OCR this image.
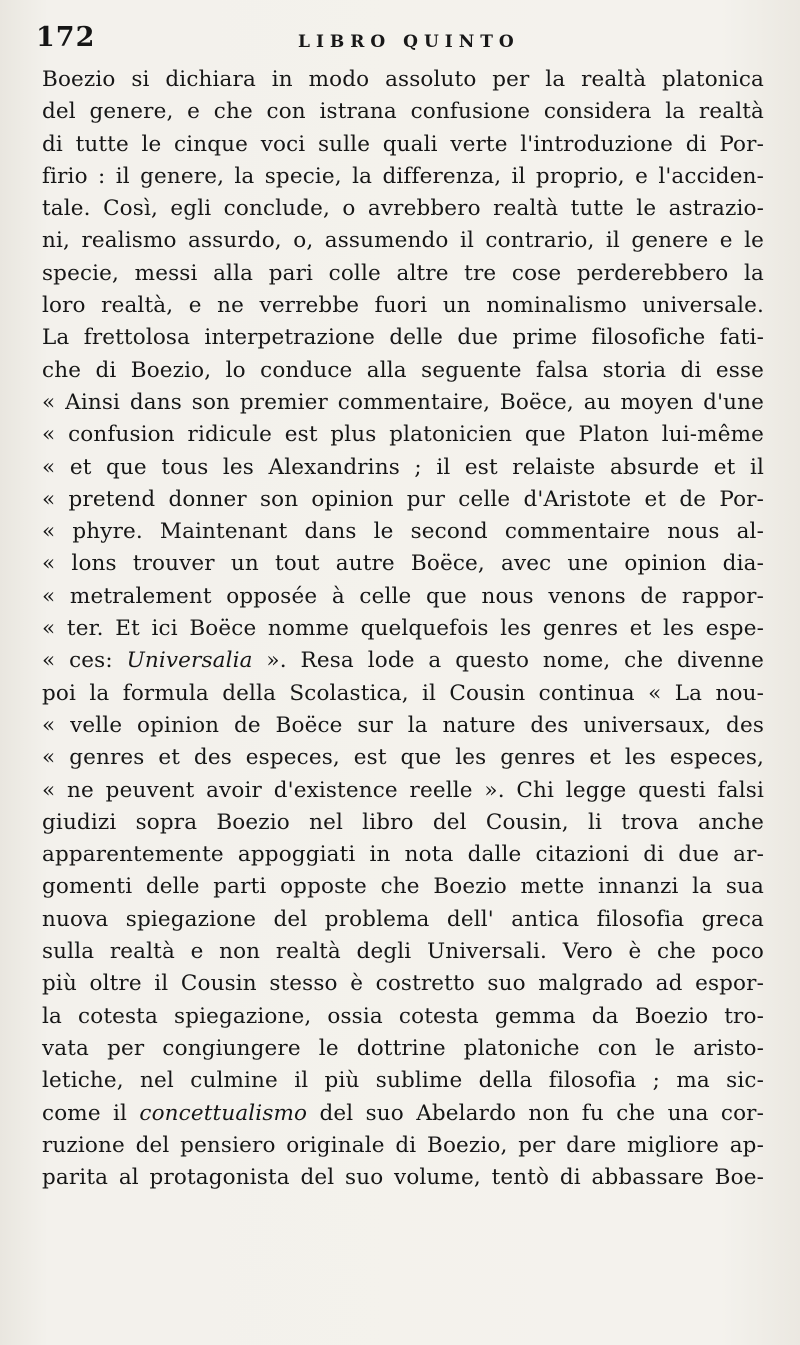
172	LIBRO QUINTO
Boezio si dichiara in modo assoluto per la realtà platonica
del genere, e che con istrana confusione considera la realtà
di tutte le cinque voci sulle quali verte l'introduzione di Por-
firio : il genere, la specie, la differenza, il proprio, e l'acciden-
tale. Così, egli conclude, o avrebbero realtà tutte le astrazio-
ni, realismo assurdo, o, assumendo il contrario, il genere e le
specie, messi alla pari colle altre tre cose perderebbero la
loro realtà, e ne verrebbe fuori un nominalismo universale.
La frettolosa interpetrazione delle due prime filosofiche fati-
che di Boezio, lo conduce alla seguente falsa storia di esse
« Ainsi dans son premier commentaire, Boëce, au moyen d'une
« confusion ridicule est plus platonicien que Platon lui-même
« et que tous les Alexandrins ; il est relaiste absurde et il
« pretend donner son opinion pur celle d'Aristote et de Por-
« phyre. Maintenant dans le second commentaire nous al-
« lons trouver un tout autre Boëce, avec une opinion dia-
« metralement opposée à celle que nous venons de rappor-
« ter. Et ici Boëce nomme quelquefois les genres et les espe-
« ces: Universalia ». Resa lode a questo nome, che divenne
poi la formula della Scolastica, il Cousin continua « La nou-
« velle opinion de Boëce sur la nature des universaux, des
« genres et des especes, est que les genres et les especes,
« ne peuvent avoir d'existence reelle ». Chi legge questi falsi
giudizi sopra Boezio nel libro del Cousin, li trova anche
apparentemente appoggiati in nota dalle citazioni di due ar-
gomenti delle parti opposte che Boezio mette innanzi la sua
nuova spiegazione del problema dell' antica filosofia greca
sulla realtà e non realtà degli Universali. Vero è che poco
più oltre il Cousin stesso è costretto suo malgrado ad espor-
la cotesta spiegazione, ossia cotesta gemma da Boezio tro-
vata per congiungere le dottrine platoniche con le aristo-
letiche, nel culmine il più sublime della filosofia ; ma sic-
come il concettualismo del suo Abelardo non fu che una cor-
ruzione del pensiero originale di Boezio, per dare migliore ap-
parita al protagonista del suo volume, tentò di abbassare Boe-
